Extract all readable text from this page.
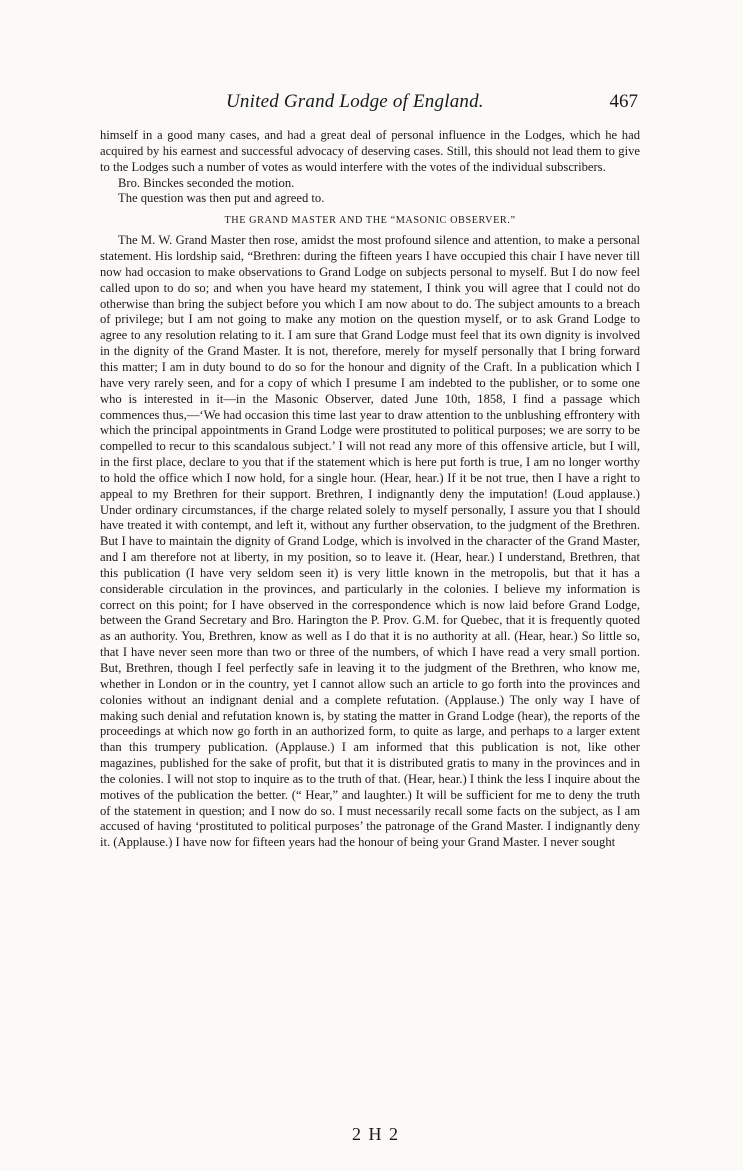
United Grand Lodge of England.	467

himself in a good many cases, and had a great deal of personal influence in the Lodges, which he had acquired by his earnest and successful advocacy of deserving cases. Still, this should not lead them to give to the Lodges such a number of votes as would interfere with the votes of the individual subscribers.

Bro. Binckes seconded the motion.

The question was then put and agreed to.

THE GRAND MASTER AND THE “MASONIC OBSERVER.”

The M. W. Grand Master then rose, amidst the most profound silence and attention, to make a personal statement. His lordship said, “Brethren: during the fifteen years I have occupied this chair I have never till now had occasion to make observations to Grand Lodge on subjects personal to myself. But I do now feel called upon to do so; and when you have heard my statement, I think you will agree that I could not do otherwise than bring the subject before you which I am now about to do. The subject amounts to a breach of privilege; but I am not going to make any motion on the question myself, or to ask Grand Lodge to agree to any resolution relating to it. I am sure that Grand Lodge must feel that its own dignity is involved in the dignity of the Grand Master. It is not, therefore, merely for myself personally that I bring forward this matter; I am in duty bound to do so for the honour and dignity of the Craft. In a publication which I have very rarely seen, and for a copy of which I presume I am indebted to the publisher, or to some one who is interested in it—in the Masonic Observer, dated June 10th, 1858, I find a passage which commences thus,—‘We had occasion this time last year to draw attention to the unblushing effrontery with which the principal appointments in Grand Lodge were prostituted to political purposes; we are sorry to be compelled to recur to this scandalous subject.’ I will not read any more of this offensive article, but I will, in the first place, declare to you that if the statement which is here put forth is true, I am no longer worthy to hold the office which I now hold, for a single hour. (Hear, hear.) If it be not true, then I have a right to appeal to my Brethren for their support. Brethren, I indignantly deny the imputation! (Loud applause.) Under ordinary circumstances, if the charge related solely to myself personally, I assure you that I should have treated it with contempt, and left it, without any further observation, to the judgment of the Brethren. But I have to maintain the dignity of Grand Lodge, which is involved in the character of the Grand Master, and I am therefore not at liberty, in my position, so to leave it. (Hear, hear.) I understand, Brethren, that this publication (I have very seldom seen it) is very little known in the metropolis, but that it has a considerable circulation in the provinces, and particularly in the colonies. I believe my information is correct on this point; for I have observed in the correspondence which is now laid before Grand Lodge, between the Grand Secretary and Bro. Harington the P. Prov. G.M. for Quebec, that it is frequently quoted as an authority. You, Brethren, know as well as I do that it is no authority at all. (Hear, hear.) So little so, that I have never seen more than two or three of the numbers, of which I have read a very small portion. But, Brethren, though I feel perfectly safe in leaving it to the judgment of the Brethren, who know me, whether in London or in the country, yet I cannot allow such an article to go forth into the provinces and colonies without an indignant denial and a complete refutation. (Applause.) The only way I have of making such denial and refutation known is, by stating the matter in Grand Lodge (hear), the reports of the proceedings at which now go forth in an authorized form, to quite as large, and perhaps to a larger extent than this trumpery publication. (Applause.) I am informed that this publication is not, like other magazines, published for the sake of profit, but that it is distributed gratis to many in the provinces and in the colonies. I will not stop to inquire as to the truth of that. (Hear, hear.) I think the less I inquire about the motives of the publication the better. (“ Hear,” and laughter.) It will be sufficient for me to deny the truth of the statement in question; and I now do so. I must necessarily recall some facts on the subject, as I am accused of having ‘prostituted to political purposes’ the patronage of the Grand Master. I indignantly deny it. (Applause.) I have now for fifteen years had the honour of being your Grand Master. I never sought

2 H 2
